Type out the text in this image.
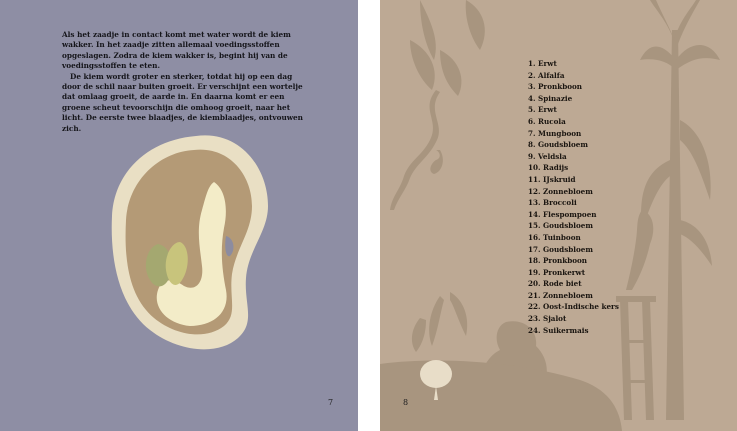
Als het zaadje in contact komt met water wordt de kiem wakker. In het zaadje zitten allemaal voedingsstoffen opgeslagen. Zodra de kiem wakker is, begint hij van de voedingsstoffen te eten.

De kiem wordt groter en sterker, totdat hij op een dag door de schil naar buiten groeit. Er verschijnt een wortelje dat omlaag groeit, de aarde in. En daarna komt er een groene scheut tevoorschijn die omhoog groeit, naar het licht. De eerste twee blaadjes, de kiemblaadjes, ontvouwen zich.

7
1. Erwt
2. Alfalfa
3. Pronkboon
4. Spinazie
5. Erwt
6. Rucola
7. Mungboon
8. Goudsbloem
9. Veldsla
10. Radijs
11. IJskruid
12. Zonnebloem
13. Broccoli
14. Flespompoen
15. Goudsbloem
16. Tuinboon
17. Goudsbloem
18. Pronkboon
19. Pronkerwt
20. Rode biet
21. Zonnebloem
22. Oost-Indische kers
23. Sjalot
24. Suikermais
8
